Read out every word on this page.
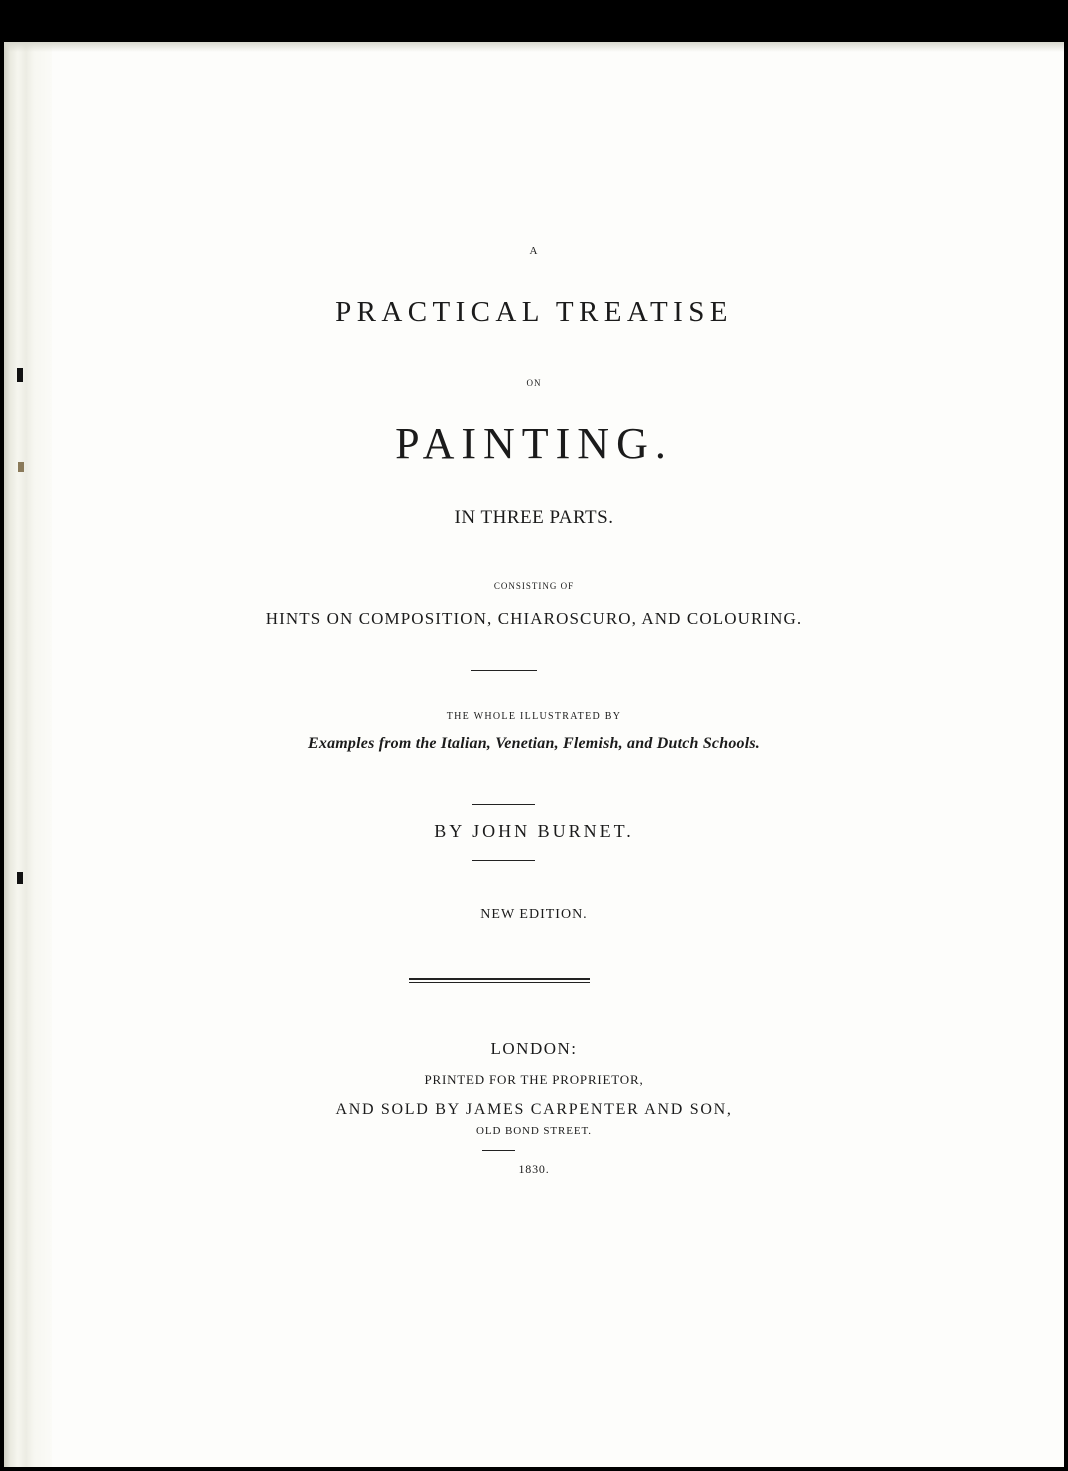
A
PRACTICAL TREATISE
ON
PAINTING.
IN THREE PARTS.
CONSISTING OF
HINTS ON COMPOSITION, CHIAROSCURO, AND COLOURING.
THE WHOLE ILLUSTRATED BY
Examples from the Italian, Venetian, Flemish, and Dutch Schools.
BY JOHN BURNET.
NEW EDITION.
LONDON:
PRINTED FOR THE PROPRIETOR,
AND SOLD BY JAMES CARPENTER AND SON,
OLD BOND STREET.
1830.
